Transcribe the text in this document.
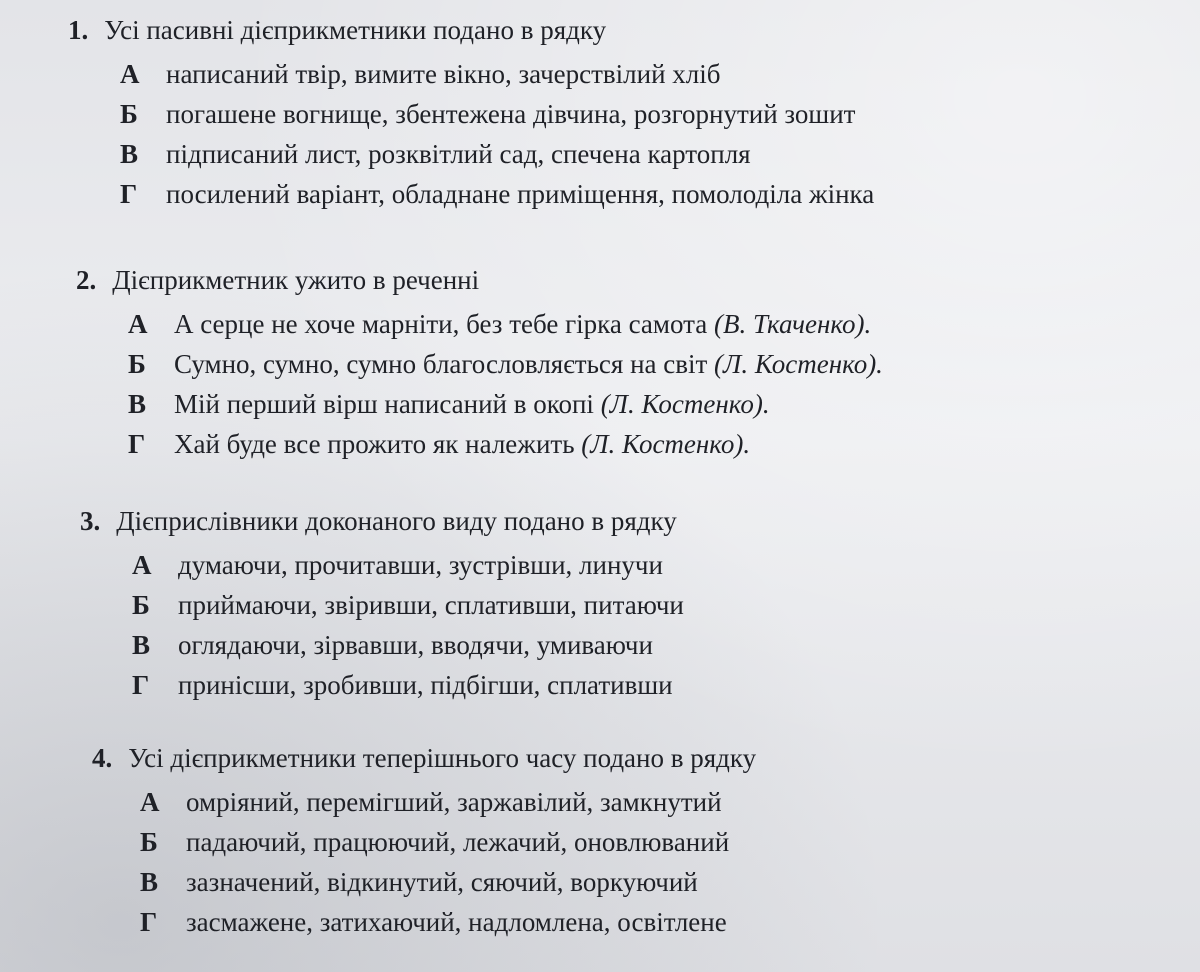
1. Усі пасивні дієприкметники подано в рядку
А написаний твір, вимите вікно, зачерствілий хліб
Б погашене вогнище, збентежена дівчина, розгорнутий зошит
В підписаний лист, розквітлий сад, спечена картопля
Г посилений варіант, обладнане приміщення, помолоділа жінка
2. Дієприкметник ужито в реченні
А А серце не хоче марніти, без тебе гірка самота (В. Ткаченко).
Б Сумно, сумно, сумно благословляється на світ (Л. Костенко).
В Мій перший вірш написаний в окопі (Л. Костенко).
Г Хай буде все прожито як належить (Л. Костенко).
3. Дієприслівники доконаного виду подано в рядку
А думаючи, прочитавши, зустрівши, линучи
Б приймаючи, звіривши, сплативши, питаючи
В оглядаючи, зірвавши, вводячи, умиваючи
Г принісши, зробивши, підбігши, сплативши
4. Усі дієприкметники теперішнього часу подано в рядку
А омріяний, перемігший, заржавілий, замкнутий
Б падаючий, працюючий, лежачий, оновлюваний
В зазначений, відкинутий, сяючий, воркуючий
Г засмажене, затихаючий, надломлена, освітлене
